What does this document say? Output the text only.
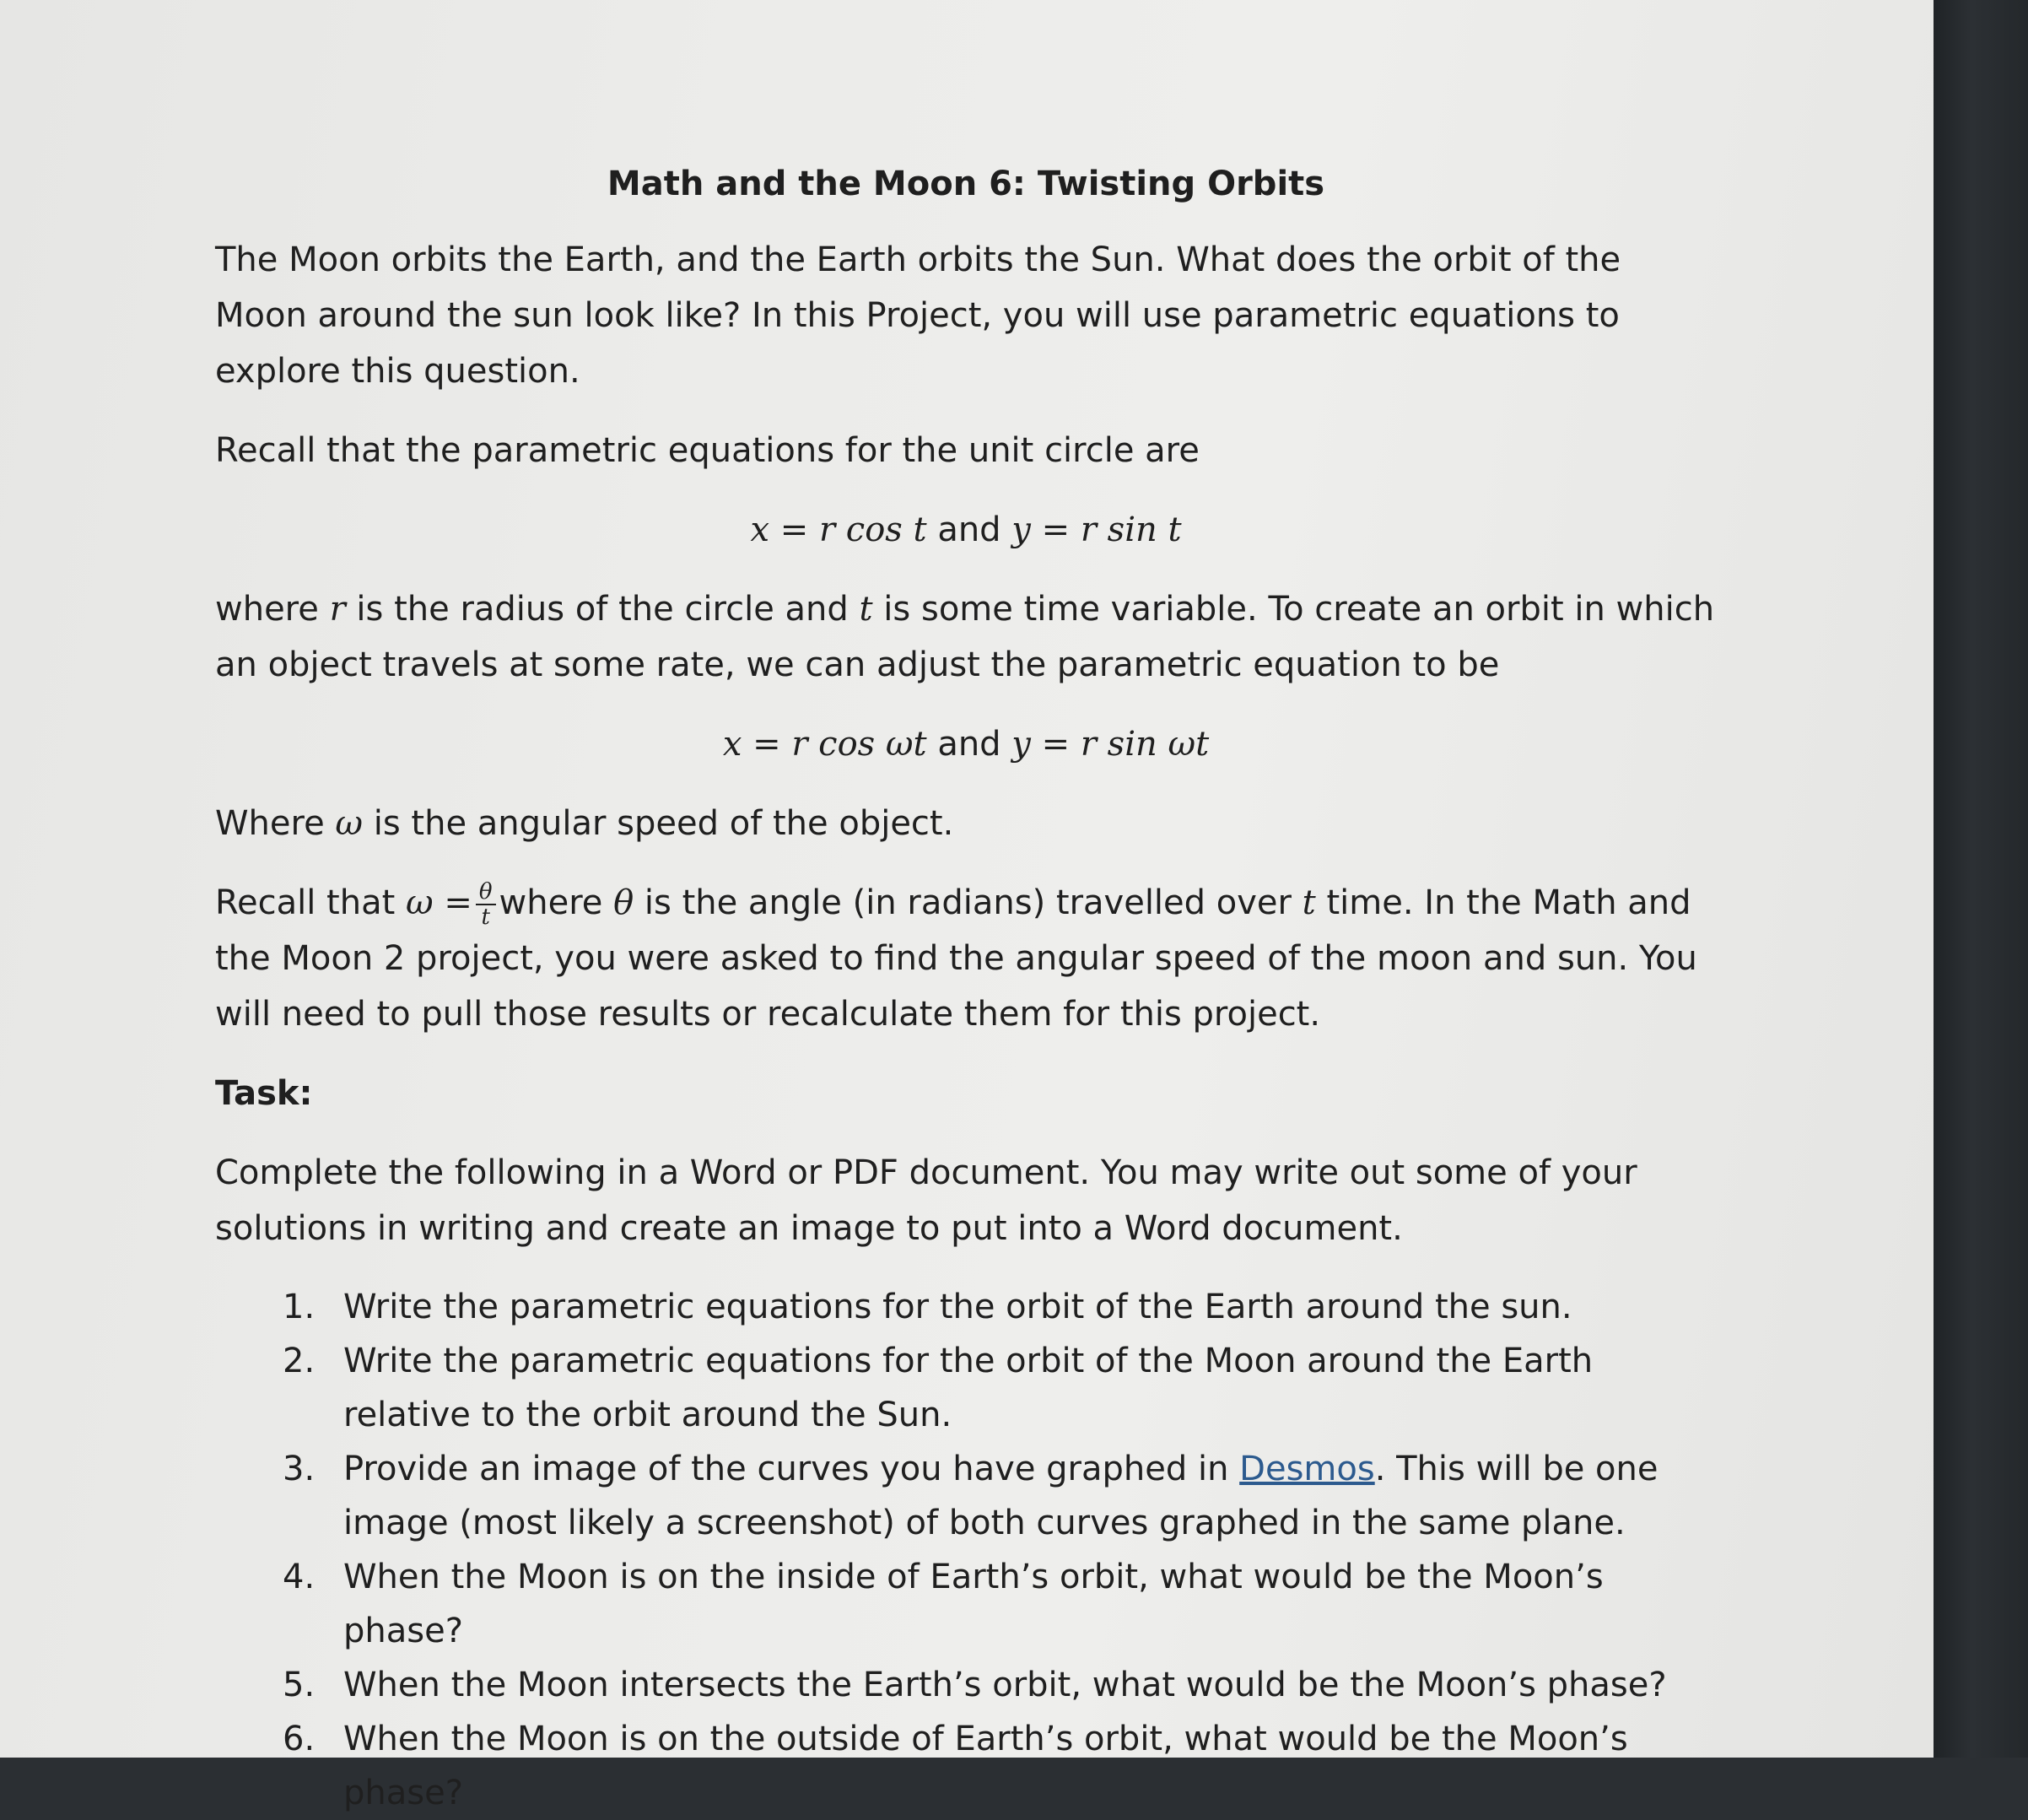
Math and the Moon 6: Twisting Orbits

The Moon orbits the Earth, and the Earth orbits the Sun. What does the orbit of the Moon around the sun look like? In this Project, you will use parametric equations to explore this question.

Recall that the parametric equations for the unit circle are

x = r cos t and y = r sin t

where r is the radius of the circle and t is some time variable. To create an orbit in which an object travels at some rate, we can adjust the parametric equation to be

x = r cos ωt and y = r sin ωt

Where ω is the angular speed of the object.

Recall that $\omega = \frac{\theta}{t}$ where θ is the angle (in radians) travelled over t time. In the Math and the Moon 2 project, you were asked to find the angular speed of the moon and sun. You will need to pull those results or recalculate them for this project.

Task:

Complete the following in a Word or PDF document. You may write out some of your solutions in writing and create an image to put into a Word document.

1. Write the parametric equations for the orbit of the Earth around the sun.
2. Write the parametric equations for the orbit of the Moon around the Earth relative to the orbit around the Sun.
3. Provide an image of the curves you have graphed in Desmos. This will be one image (most likely a screenshot) of both curves graphed in the same plane.
4. When the Moon is on the inside of Earth’s orbit, what would be the Moon’s phase?
5. When the Moon intersects the Earth’s orbit, what would be the Moon’s phase?
6. When the Moon is on the outside of Earth’s orbit, what would be the Moon’s phase?
